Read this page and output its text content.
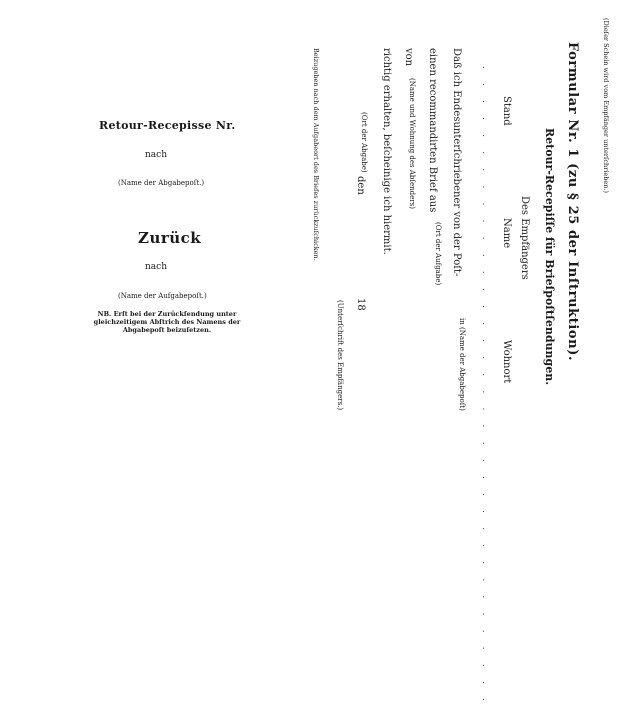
Retour-Recepisse Nr.
nach
(Name der Abgabepoſt.)
Zurück
nach
(Name der Aufgabepoſt.)
NB. Erſt bei der Zurückſendung unter gleichzeitigem Abſtrich des Namens der Abgabepoſt beizuſetzen.	Formular Nr. 1 (zu § 25 der Inſtruktion).
Retour-Recepiſſe für Brieſpoſtſendungen.
Des Empfängers
Stand
Name
Wohnort
. . . . . . . . . . . . . . . . . . . . . . . . . . . . . . . . . . . . . .
Daß ich Endesunterſchriebener von der Poſt-
in (Name der Abgabepoſt)
einen recommandirten Brief aus
(Ort der Aufgabe)
von
(Name und Wohnung des Abſenders)
richtig erhalten, beſcheinige ich hiermit.
(Ort der Abgabe)
den
18
(Unterſchrift des Empfängers.)
Beizugeben nach dem Aufgabeort des Briefes zurückzuſchicken.	(Dieſer Schein wird vom Empfänger unterſchrieben.)
